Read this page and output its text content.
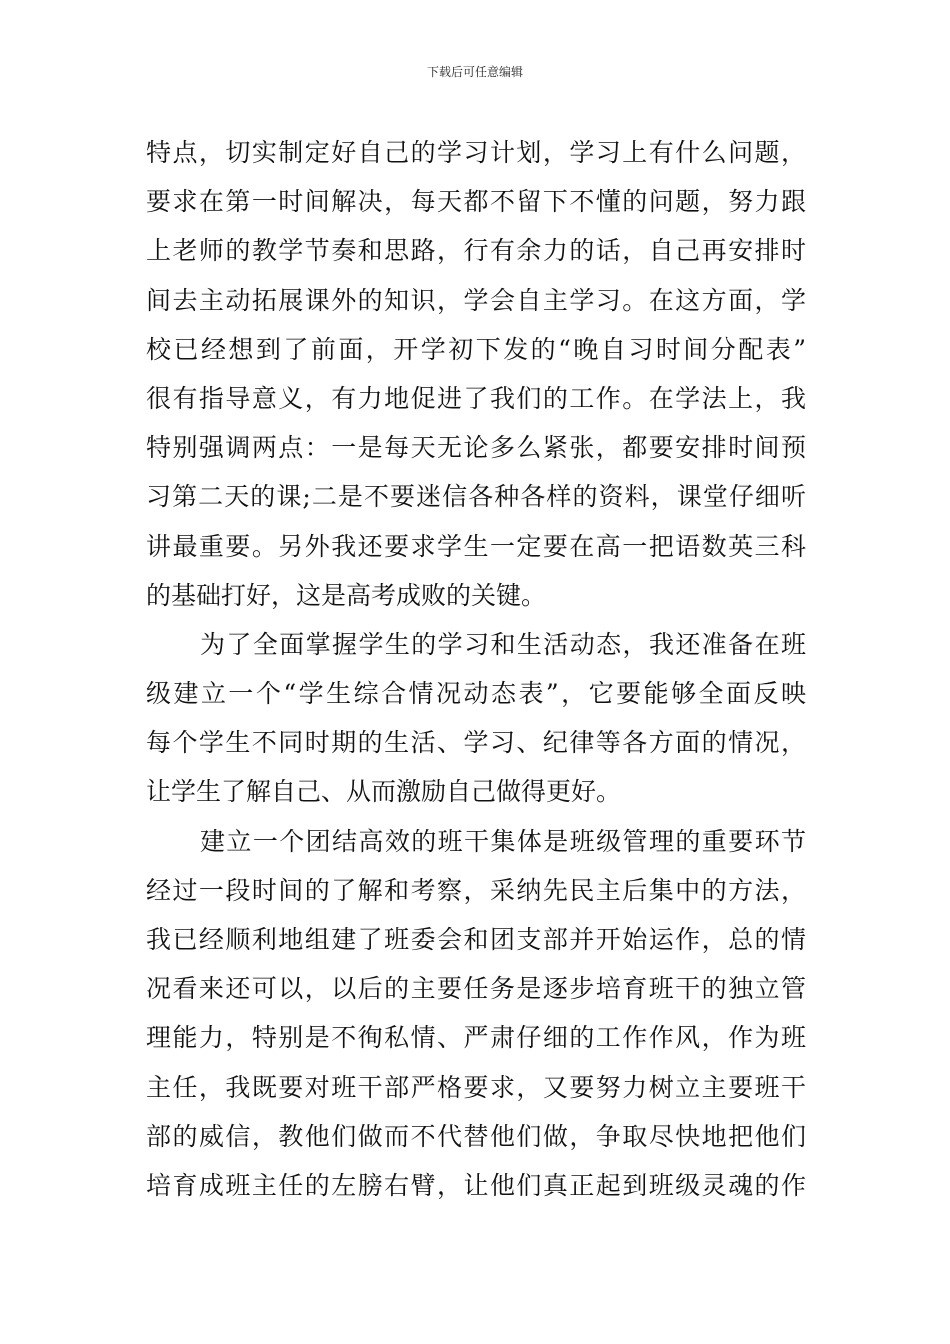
下载后可任意编辑
特点，切实制定好自己的学习计划，学习上有什么问题，
要求在第一时间解决，每天都不留下不懂的问题，努力跟
上老师的教学节奏和思路，行有余力的话，自己再安排时
间去主动拓展课外的知识，学会自主学习。在这方面，学
校已经想到了前面，开学初下发的“晚自习时间分配表”
很有指导意义，有力地促进了我们的工作。在学法上，我
特别强调两点：一是每天无论多么紧张，都要安排时间预
习第二天的课;二是不要迷信各种各样的资料，课堂仔细听
讲最重要。另外我还要求学生一定要在高一把语数英三科
的基础打好，这是高考成败的关键。
为了全面掌握学生的学习和生活动态，我还准备在班
级建立一个“学生综合情况动态表”，它要能够全面反映
每个学生不同时期的生活、学习、纪律等各方面的情况，
让学生了解自己、从而激励自己做得更好。
建立一个团结高效的班干集体是班级管理的重要环节
经过一段时间的了解和考察，采纳先民主后集中的方法，
我已经顺利地组建了班委会和团支部并开始运作，总的情
况看来还可以，以后的主要任务是逐步培育班干的独立管
理能力，特别是不徇私情、严肃仔细的工作作风，作为班
主任，我既要对班干部严格要求，又要努力树立主要班干
部的威信，教他们做而不代替他们做，争取尽快地把他们
培育成班主任的左膀右臂，让他们真正起到班级灵魂的作
